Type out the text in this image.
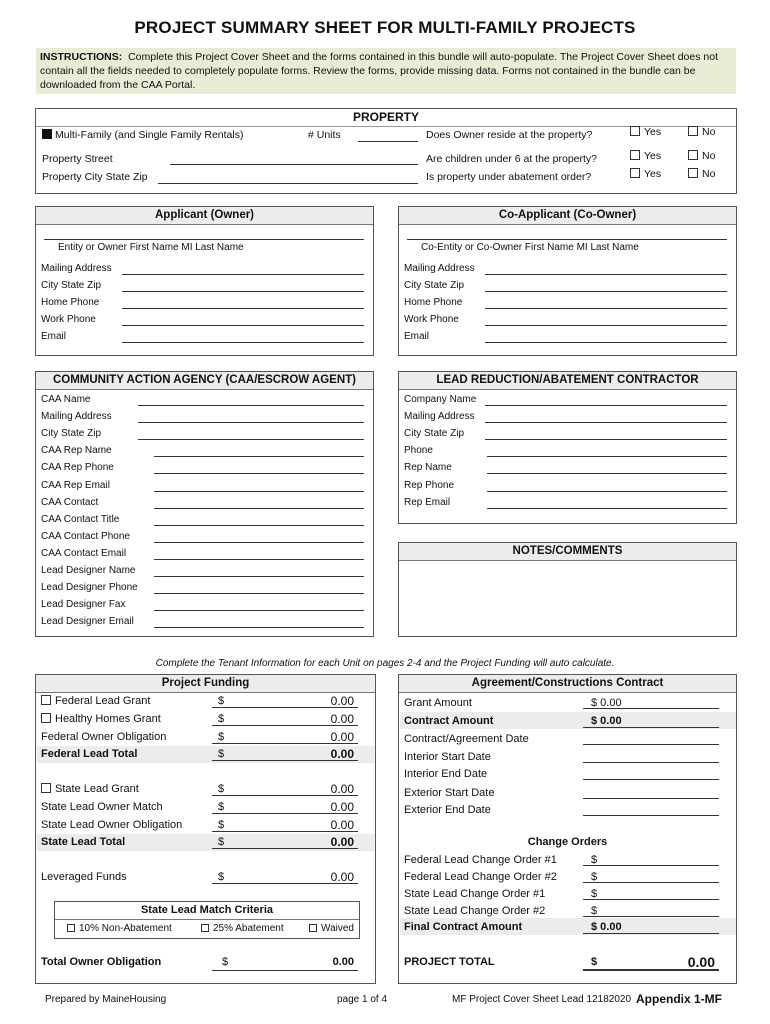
PROJECT SUMMARY SHEET FOR MULTI-FAMILY PROJECTS
INSTRUCTIONS: Complete this Project Cover Sheet and the forms contained in this bundle will auto-populate. The Project Cover Sheet does not contain all the fields needed to completely populate forms. Review the forms, provide missing data. Forms not contained in the bundle can be downloaded from the CAA Portal.
PROPERTY
Multi-Family (and Single Family Rentals)	# Units
Property Street
Property City State Zip
Does Owner reside at the property?	Yes	No
Are children under 6 at the property?	Yes	No
Is property under abatement order?	Yes	No
Applicant (Owner)
Entity or Owner First Name MI Last Name
Mailing Address
City State Zip
Home Phone
Work Phone
Email
Co-Applicant (Co-Owner)
Co-Entity or Co-Owner First Name MI Last Name
Mailing Address
City State Zip
Home Phone
Work Phone
Email
COMMUNITY ACTION AGENCY (CAA/ESCROW AGENT)
CAA Name
Mailing Address
City State Zip
CAA Rep Name
CAA Rep Phone
CAA Rep Email
CAA Contact
CAA Contact Title
CAA Contact Phone
CAA Contact Email
Lead Designer Name
Lead Designer Phone
Lead Designer Fax
Lead Designer Email
LEAD REDUCTION/ABATEMENT CONTRACTOR
Company Name
Mailing Address
City State Zip
Phone
Rep Name
Rep Phone
Rep Email
NOTES/COMMENTS
Complete the Tenant Information for each Unit on pages 2-4 and the Project Funding will auto calculate.
Project Funding
Federal Lead Grant	$	0.00
Healthy Homes Grant	$	0.00
Federal Owner Obligation	$	0.00
Federal Lead Total	$	0.00
State Lead Grant	$	0.00
State Lead Owner Match	$	0.00
State Lead Owner Obligation	$	0.00
State Lead Total	$	0.00
Leveraged Funds	$	0.00
State Lead Match Criteria
10% Non-Abatement	25% Abatement	Waived
Total Owner Obligation	$	0.00
Agreement/Constructions Contract
Grant Amount	$ 0.00
Contract Amount	$ 0.00
Contract/Agreement Date
Interior Start Date
Interior End Date
Exterior Start Date
Exterior End Date
Change Orders
Federal Lead Change Order #1	$
Federal Lead Change Order #2	$
State Lead Change Order #1	$
State Lead Change Order #2	$
Final Contract Amount	$ 0.00
PROJECT TOTAL	$	0.00
Prepared by MaineHousing	page 1 of 4	MF Project Cover Sheet Lead 12182020 Appendix 1-MF
